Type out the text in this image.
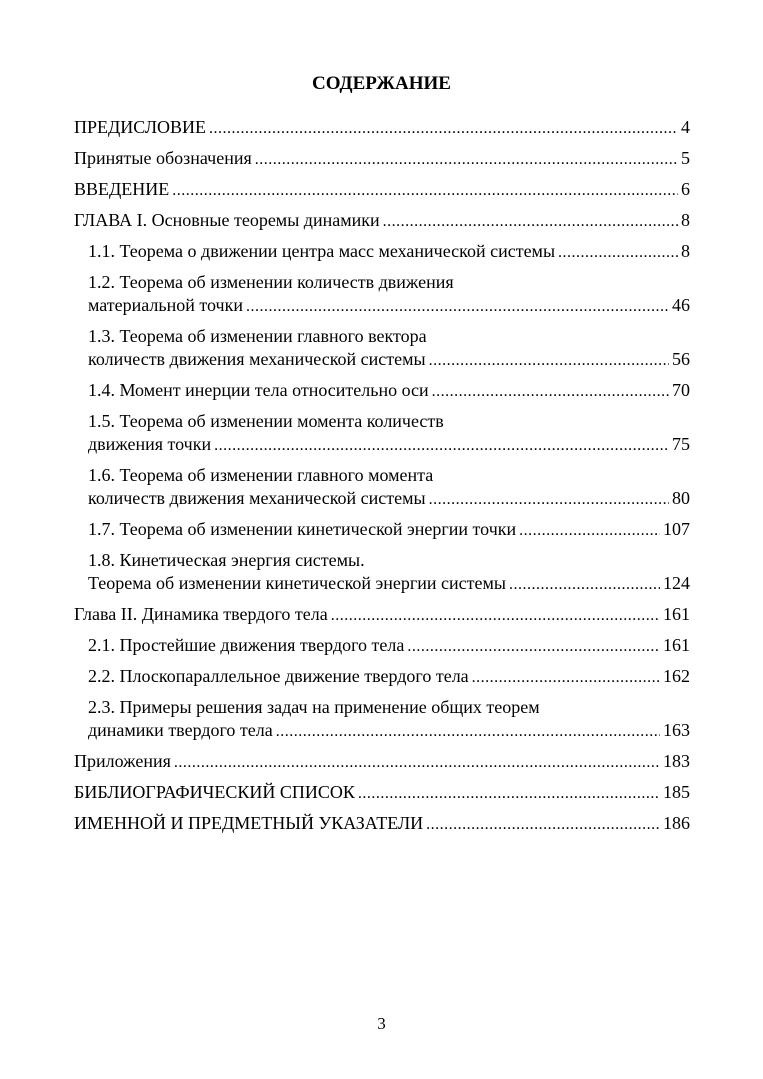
СОДЕРЖАНИЕ
ПРЕДИСЛОВИЕ .....	4
Принятые обозначения .....	5
ВВЕДЕНИЕ .....	6
ГЛАВА I. Основные теоремы динамики .....	8
1.1. Теорема о движении центра масс механической системы .....	8
1.2. Теорема об изменении количеств движения
материальной точки .....	46
1.3. Теорема об изменении главного вектора
количеств движения механической системы .....	56
1.4. Момент инерции тела относительно оси .....	70
1.5. Теорема об изменении момента количеств
движения точки .....	75
1.6. Теорема об изменении главного момента
количеств движения механической системы .....	80
1.7. Теорема об изменении кинетической энергии точки .....	107
1.8. Кинетическая энергия системы.
Теорема об изменении кинетической энергии системы .....	124
Глава II. Динамика твердого тела .....	161
2.1. Простейшие движения твердого тела .....	161
2.2. Плоскопараллельное движение твердого тела .....	162
2.3. Примеры решения задач на применение общих теорем
динамики твердого тела .....	163
Приложения .....	183
БИБЛИОГРАФИЧЕСКИЙ СПИСОК .....	185
ИМЕННОЙ И ПРЕДМЕТНЫЙ УКАЗАТЕЛИ .....	186
3
